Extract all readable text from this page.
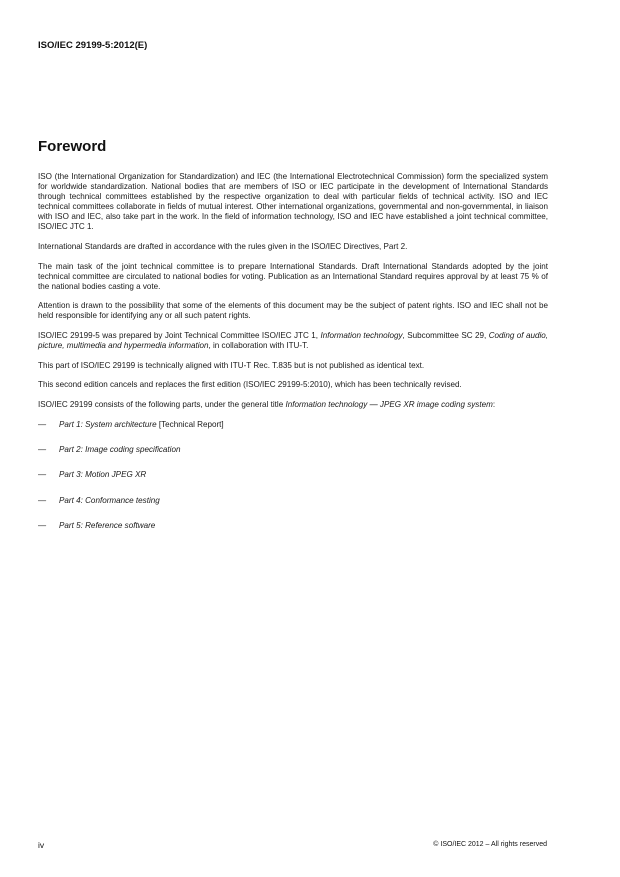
ISO/IEC 29199-5:2012(E)
Foreword

ISO (the International Organization for Standardization) and IEC (the International Electrotechnical Commission) form the specialized system for worldwide standardization. National bodies that are members of ISO or IEC participate in the development of International Standards through technical committees established by the respective organization to deal with particular fields of technical activity. ISO and IEC technical committees collaborate in fields of mutual interest. Other international organizations, governmental and non-governmental, in liaison with ISO and IEC, also take part in the work. In the field of information technology, ISO and IEC have established a joint technical committee, ISO/IEC JTC 1.

International Standards are drafted in accordance with the rules given in the ISO/IEC Directives, Part 2.

The main task of the joint technical committee is to prepare International Standards. Draft International Standards adopted by the joint technical committee are circulated to national bodies for voting. Publication as an International Standard requires approval by at least 75 % of the national bodies casting a vote.

Attention is drawn to the possibility that some of the elements of this document may be the subject of patent rights. ISO and IEC shall not be held responsible for identifying any or all such patent rights.

ISO/IEC 29199-5 was prepared by Joint Technical Committee ISO/IEC JTC 1, Information technology, Subcommittee SC 29, Coding of audio, picture, multimedia and hypermedia information, in collaboration with ITU-T.

This part of ISO/IEC 29199 is technically aligned with ITU-T Rec. T.835 but is not published as identical text.

This second edition cancels and replaces the first edition (ISO/IEC 29199-5:2010), which has been technically revised.

ISO/IEC 29199 consists of the following parts, under the general title Information technology — JPEG XR image coding system:

— Part 1: System architecture [Technical Report]
— Part 2: Image coding specification
— Part 3: Motion JPEG XR
— Part 4: Conformance testing
— Part 5: Reference software
iv	© ISO/IEC 2012 – All rights reserved
